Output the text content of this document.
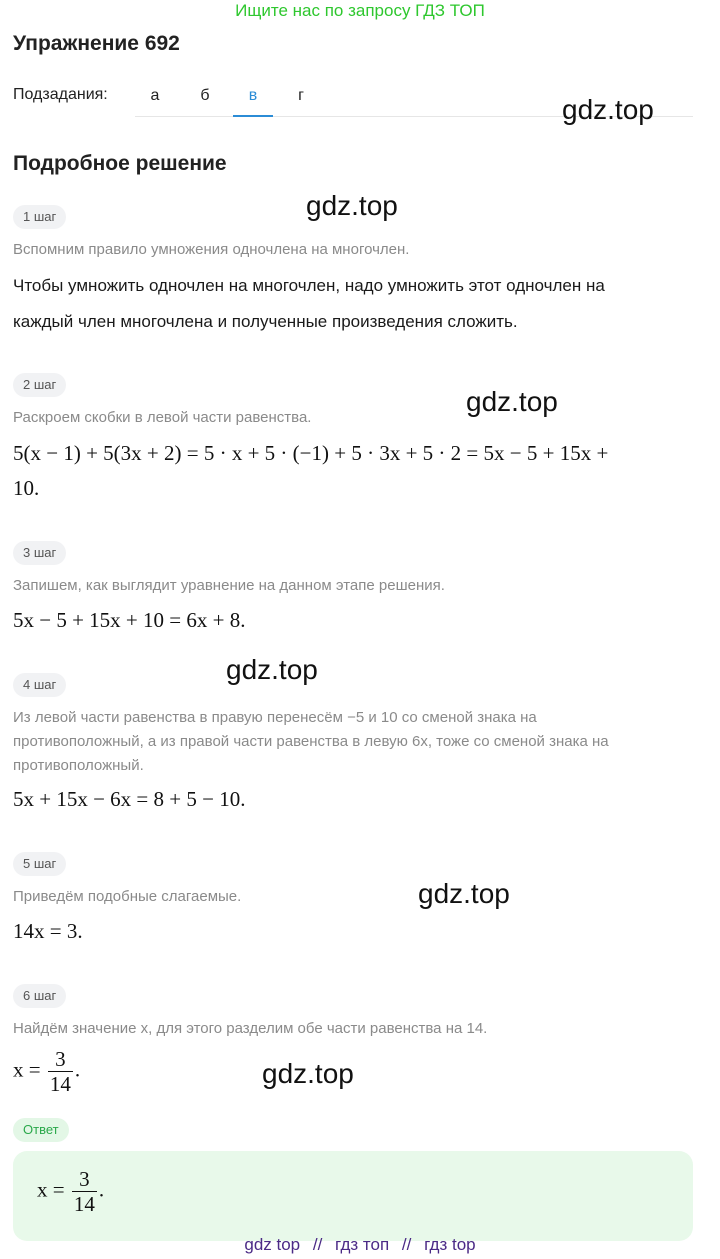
Ищите нас по запросу ГДЗ ТОП
Упражнение 692
Подзадания:	а	б	в	г	gdz.top
Подробное решение
gdz.top
1 шаг
Вспомним правило умножения одночлена на многочлен.
Чтобы умножить одночлен на многочлен, надо умножить этот одночлен на
каждый член многочлена и полученные произведения сложить.
2 шаг
gdz.top
Раскроем скобки в левой части равенства.
5(x − 1) + 5(3x + 2) = 5 · x + 5 · (−1) + 5 · 3x + 5 · 2 = 5x − 5 + 15x +
10.
3 шаг
Запишем, как выглядит уравнение на данном этапе решения.
5x − 5 + 15x + 10 = 6x + 8.
gdz.top
4 шаг
Из левой части равенства в правую перенесём −5 и 10 со сменой знака на
противоположный, а из правой части равенства в левую 6x, тоже со сменой знака на
противоположный.
5x + 15x − 6x = 8 + 5 − 10.
5 шаг
gdz.top
Приведём подобные слагаемые.
14x = 3.
6 шаг
Найдём значение x, для этого разделим обе части равенства на 14.
$x = \frac{3}{14}$ .	gdz.top
Ответ
$x = \frac{3}{14}$ .
gdz top // гдз топ // гдз top
